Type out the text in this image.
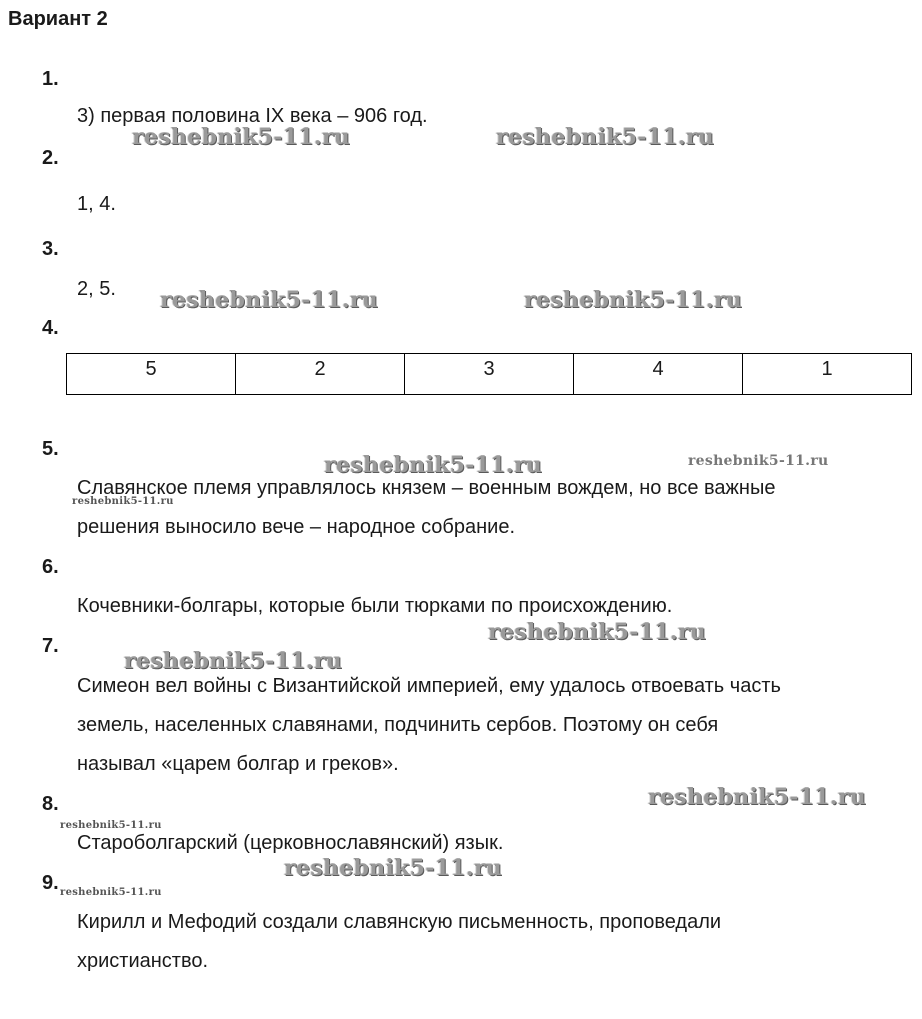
Вариант 2
1.
3) первая половина IX века – 906 год.
2.
1, 4.
3.
2, 5.
4.
5	2	3	4	1
5.
Славянское племя управлялось князем – военным вождем, но все важные
решения выносило вече – народное собрание.
6.
Кочевники-болгары, которые были тюрками по происхождению.
7.
Симеон вел войны с Византийской империей, ему удалось отвоевать часть
земель, населенных славянами, подчинить сербов. Поэтому он себя
называл «царем болгар и греков».
8.
Староболгарский (церковнославянский) язык.
9.
Кирилл и Мефодий создали славянскую письменность, проповедали
христианство.
reshebnik5-11.ru	reshebnik5-11.ru
reshebnik5-11.ru	reshebnik5-11.ru
reshebnik5-11.ru	reshebnik5-11.ru
reshebnik5-11.ru
reshebnik5-11.ru
reshebnik5-11.ru
reshebnik5-11.ru
reshebnik5-11.ru
reshebnik5-11.ru
reshebnik5-11.ru
